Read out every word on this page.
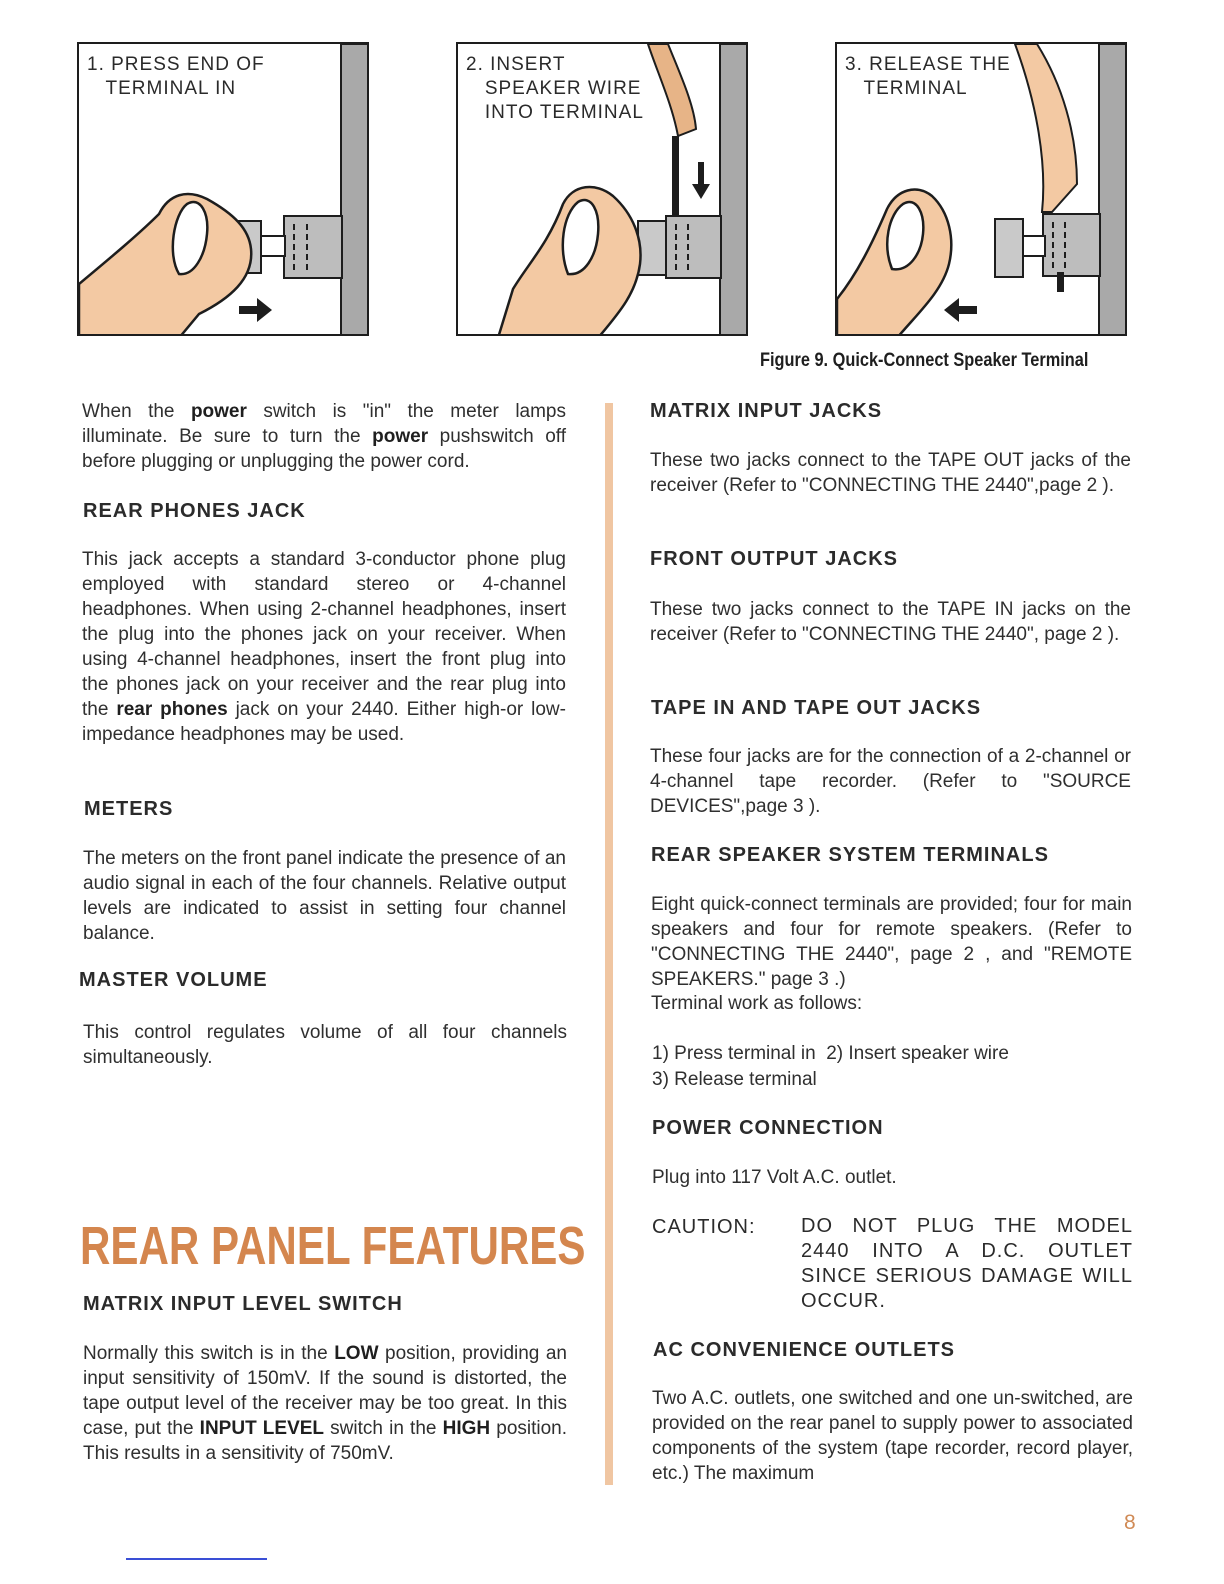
1. PRESS END OF
TERMINAL IN
2. INSERT
SPEAKER WIRE
INTO TERMINAL
3. RELEASE THE
TERMINAL
Figure 9. Quick-Connect Speaker Terminal
When the power switch is "in" the meter lamps illuminate. Be sure to turn the power pushswitch off before plugging or unplugging the power cord.
REAR PHONES JACK
This jack accepts a standard 3-conductor phone plug employed with standard stereo or 4-channel headphones. When using 2-channel headphones, insert the plug into the phones jack on your receiver. When using 4-channel headphones, insert the front plug into the phones jack on your receiver and the rear plug into the rear phones jack on your 2440. Either high-or low-impedance headphones may be used.
METERS
The meters on the front panel indicate the presence of an audio signal in each of the four channels. Relative output levels are indicated to assist in setting four channel balance.
MASTER VOLUME
This control regulates volume of all four channels simultaneously.
REAR PANEL FEATURES
MATRIX INPUT LEVEL SWITCH
Normally this switch is in the LOW position, providing an input sensitivity of 150mV. If the sound is distorted, the tape output level of the receiver may be too great. In this case, put the INPUT LEVEL switch in the HIGH position. This results in a sensitivity of 750mV.
MATRIX INPUT JACKS
These two jacks connect to the TAPE OUT jacks of the receiver (Refer to "CONNECTING THE 2440",page 2 ).
FRONT OUTPUT JACKS
These two jacks connect to the TAPE IN jacks on the receiver (Refer to "CONNECTING THE 2440", page 2 ).
TAPE IN AND TAPE OUT JACKS
These four jacks are for the connection of a 2-channel or 4-channel tape recorder. (Refer to "SOURCE DEVICES",page 3 ).
REAR SPEAKER SYSTEM TERMINALS
Eight quick-connect terminals are provided; four for main speakers and four for remote speakers. (Refer to "CONNECTING THE 2440", page 2 , and "REMOTE SPEAKERS." page 3 .)
Terminal work as follows:
1) Press terminal in  2) Insert speaker wire
3) Release terminal
POWER CONNECTION
Plug into 117 Volt A.C. outlet.
CAUTION: DO NOT PLUG THE MODEL 2440 INTO A D.C. OUTLET SINCE SERIOUS DAMAGE WILL OCCUR.
AC CONVENIENCE OUTLETS
Two A.C. outlets, one switched and one un-switched, are provided on the rear panel to supply power to associated components of the system (tape recorder, record player, etc.) The maximum
8
